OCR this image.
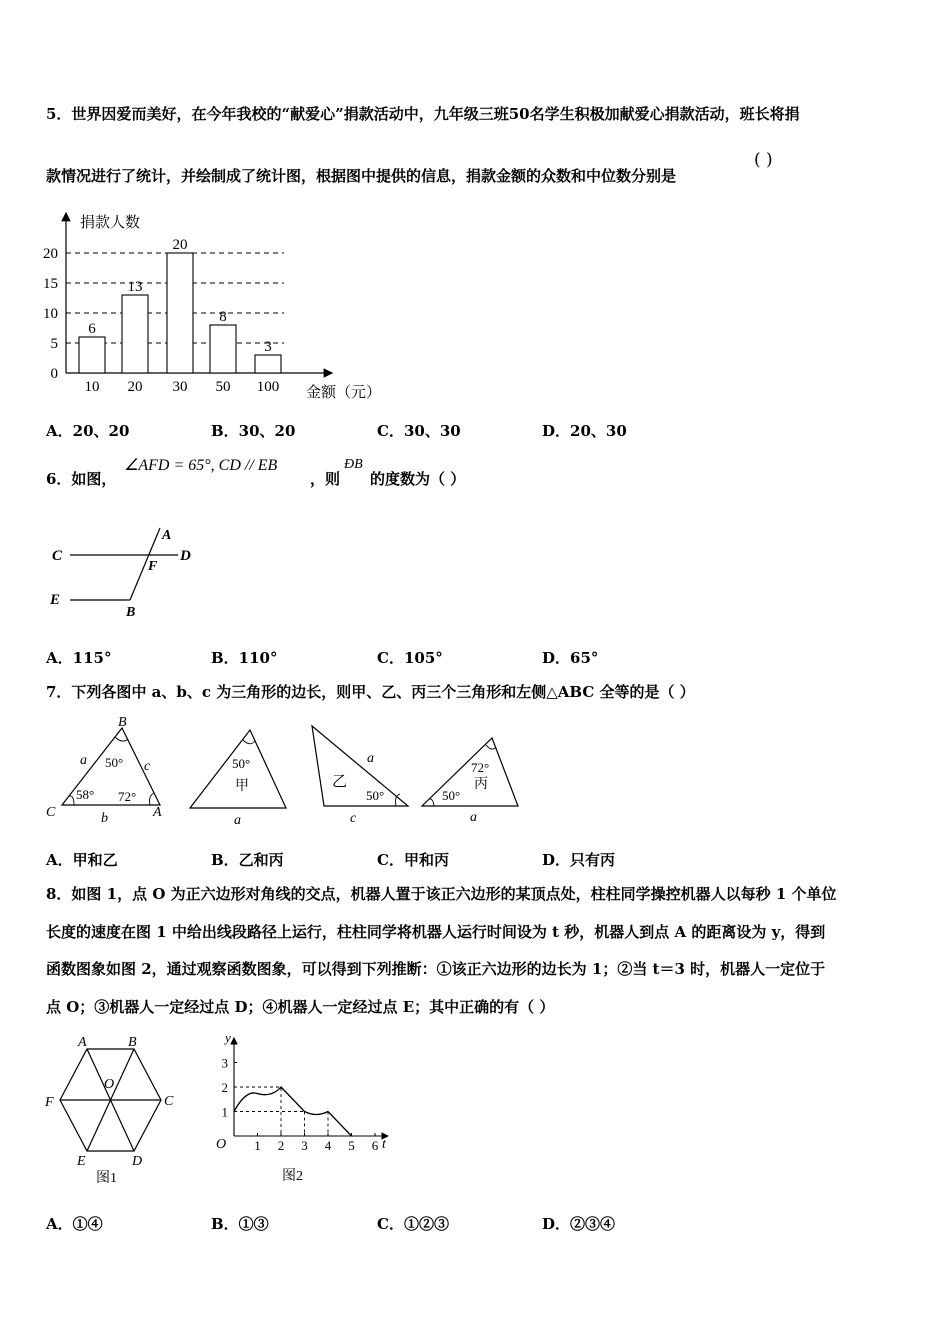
5．世界因爱而美好，在今年我校的“献爱心”捐款活动中，九年级三班50名学生积极加献爱心捐款活动，班长将捐
款情况进行了统计，并绘制成了统计图，根据图中提供的信息，捐款金额的众数和中位数分别是
( )
捐款人数
金额（元）
0
5
10
15
20
6
10
13
20
20
30
8
50
3
100
A．20、20	B．30、20	C．30、30	D．20、30
6．如图，
∠AFD = 65°, CD // EB
，则
ÐB
的度数为（ ）
C	D
A
F
E
B
A．115°	B．110°	C．105°	D．65°
7．下列各图中 a、b、c 为三角形的边长，则甲、乙、丙三个三角形和左侧△ABC 全等的是（ ）
B
C	A
a	c
b
50°
58° 72°
50°
甲
a
a
乙
50°
c
72°
丙
50°
a
A．甲和乙	B．乙和丙	C．甲和丙	D．只有丙
8．如图 1，点 O 为正六边形对角线的交点，机器人置于该正六边形的某顶点处，柱柱同学操控机器人以每秒 1 个单位
长度的速度在图 1 中给出线段路径上运行，柱柱同学将机器人运行时间设为 t 秒，机器人到点 A 的距离设为 y，得到
函数图象如图 2，通过观察函数图象，可以得到下列推断：①该正六边形的边长为 1；②当 t＝3 时，机器人一定位于
点 O；③机器人一定经过点 D；④机器人一定经过点 E；其中正确的有（ ）
A	B
C
D
E
F
O
图1
y
O	t
1 2 3 4 5 6
1
2
3
图2
A．①④	B．①③	C．①②③	D．②③④
